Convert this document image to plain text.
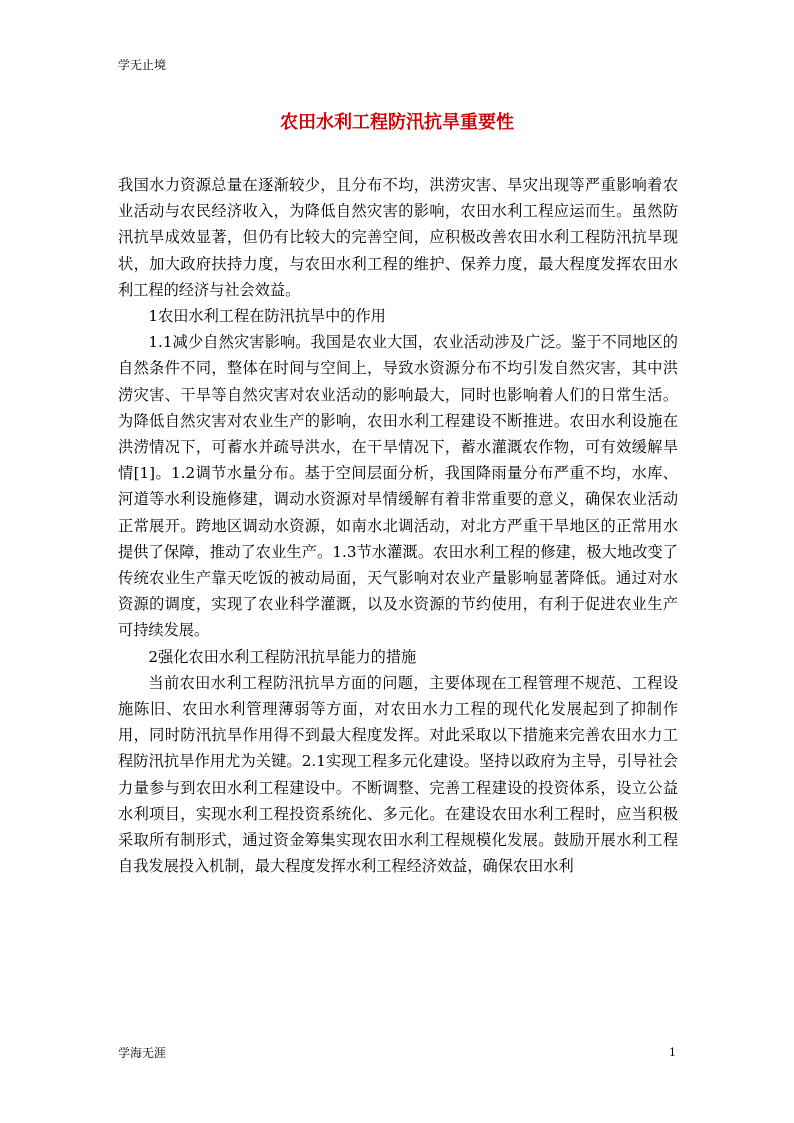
学无止境
农田水利工程防汛抗旱重要性

我国水力资源总量在逐渐较少，且分布不均，洪涝灾害、旱灾出现等严重影响着农业活动与农民经济收入，为降低自然灾害的影响，农田水利工程应运而生。虽然防汛抗旱成效显著，但仍有比较大的完善空间，应积极改善农田水利工程防汛抗旱现状，加大政府扶持力度，与农田水利工程的维护、保养力度，最大程度发挥农田水利工程的经济与社会效益。

1农田水利工程在防汛抗旱中的作用

1.1减少自然灾害影响。我国是农业大国，农业活动涉及广泛。鉴于不同地区的自然条件不同，整体在时间与空间上，导致水资源分布不均引发自然灾害，其中洪涝灾害、干旱等自然灾害对农业活动的影响最大，同时也影响着人们的日常生活。为降低自然灾害对农业生产的影响，农田水利工程建设不断推进。农田水利设施在洪涝情况下，可蓄水并疏导洪水，在干旱情况下，蓄水灌溉农作物，可有效缓解旱情[1]。1.2调节水量分布。基于空间层面分析，我国降雨量分布严重不均，水库、河道等水利设施修建，调动水资源对旱情缓解有着非常重要的意义，确保农业活动正常展开。跨地区调动水资源，如南水北调活动，对北方严重干旱地区的正常用水提供了保障，推动了农业生产。1.3节水灌溉。农田水利工程的修建，极大地改变了传统农业生产靠天吃饭的被动局面，天气影响对农业产量影响显著降低。通过对水资源的调度，实现了农业科学灌溉，以及水资源的节约使用，有利于促进农业生产可持续发展。

2强化农田水利工程防汛抗旱能力的措施

当前农田水利工程防汛抗旱方面的问题，主要体现在工程管理不规范、工程设施陈旧、农田水利管理薄弱等方面，对农田水力工程的现代化发展起到了抑制作用，同时防汛抗旱作用得不到最大程度发挥。对此采取以下措施来完善农田水力工程防汛抗旱作用尤为关键。2.1实现工程多元化建设。坚持以政府为主导，引导社会力量参与到农田水利工程建设中。不断调整、完善工程建设的投资体系，设立公益水利项目，实现水利工程投资系统化、多元化。在建设农田水利工程时，应当积极采取所有制形式，通过资金筹集实现农田水利工程规模化发展。鼓励开展水利工程自我发展投入机制，最大程度发挥水利工程经济效益，确保农田水利

学海无涯	1
